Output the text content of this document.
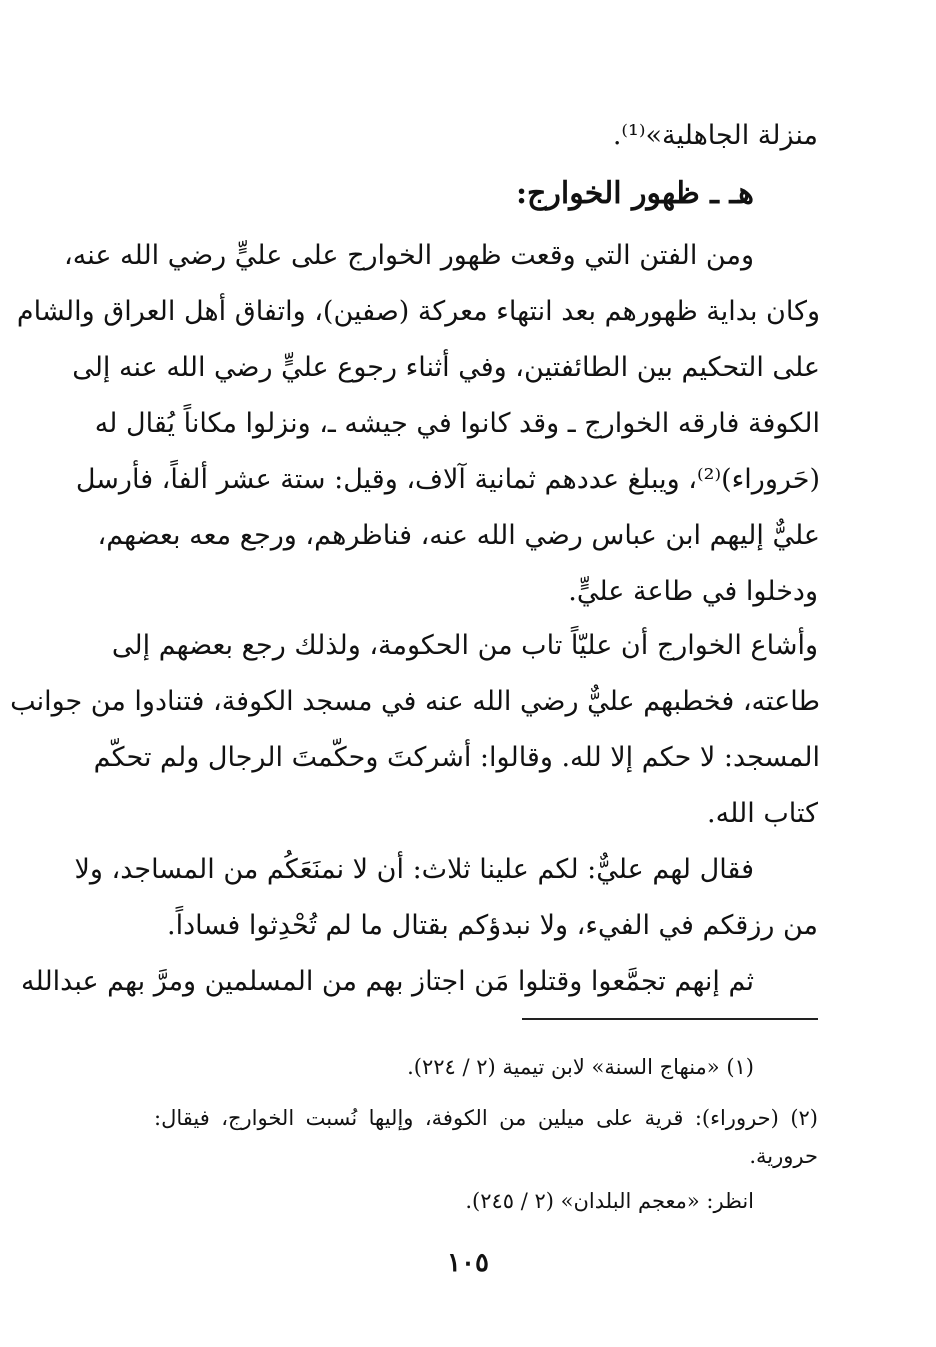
منزلة الجاهلية»⁽¹⁾.
هـ ـ ظهور الخوارج:
ومن الفتن التي وقعت ظهور الخوارج على عليٍّ رضي الله عنه،
وكان بداية ظهورهم بعد انتهاء معركة (صفين)، واتفاق أهل العراق والشام
على التحكيم بين الطائفتين، وفي أثناء رجوع عليٍّ رضي الله عنه إلى
الكوفة فارقه الخوارج ـ وقد كانوا في جيشه ـ، ونزلوا مكاناً يُقال له
(حَروراء)⁽²⁾، ويبلغ عددهم ثمانية آلاف، وقيل: ستة عشر ألفاً، فأرسل
عليٌّ إليهم ابن عباس رضي الله عنه، فناظرهم، ورجع معه بعضهم،
ودخلوا في طاعة عليٍّ.
وأشاع الخوارج أن عليّاً تاب من الحكومة، ولذلك رجع بعضهم إلى
طاعته، فخطبهم عليٌّ رضي الله عنه في مسجد الكوفة، فتنادوا من جوانب
المسجد: لا حكم إلا لله. وقالوا: أشركتَ وحكّمتَ الرجال ولم تحكّم
كتاب الله.
فقال لهم عليٌّ: لكم علينا ثلاث: أن لا نمنَعَكُم من المساجد، ولا
من رزقكم في الفيء، ولا نبدؤكم بقتال ما لم تُحْدِثوا فساداً.
ثم إنهم تجمَّعوا وقتلوا مَن اجتاز بهم من المسلمين ومرَّ بهم عبدالله
(١) «منهاج السنة» لابن تيمية (٢ / ٢٢٤).
(٢) (حروراء): قرية على ميلين من الكوفة، وإليها نُسبت الخوارج، فيقال:
حرورية.
انظر: «معجم البلدان» (٢ / ٢٤٥).
١٠٥
